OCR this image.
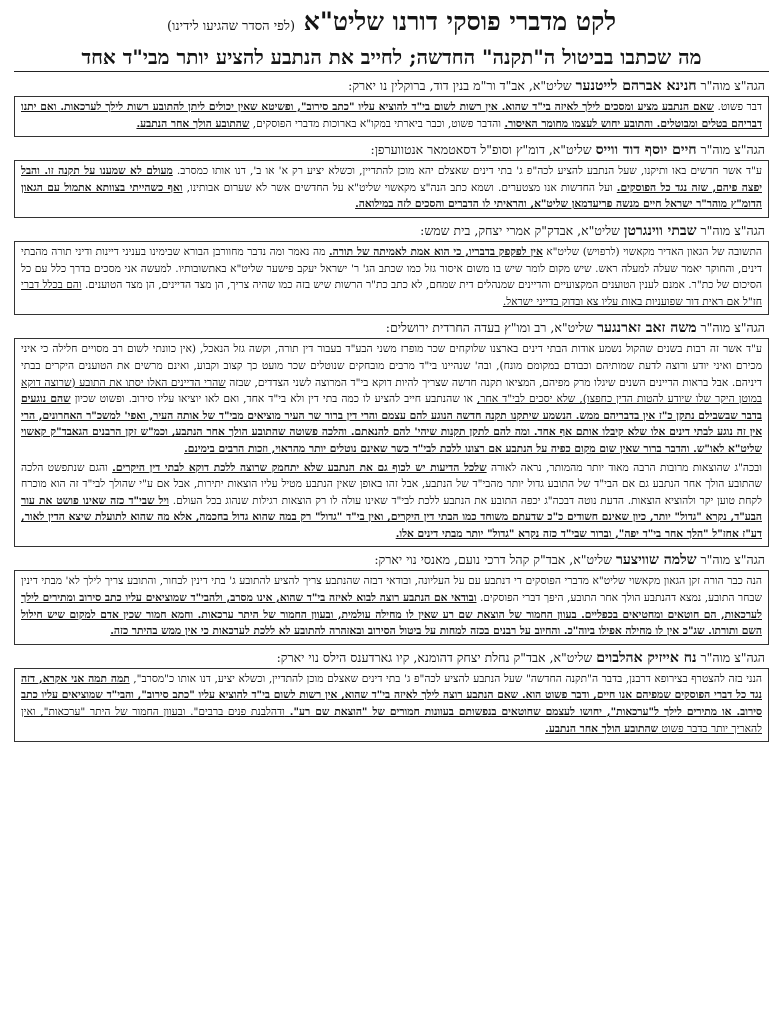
לקט מדברי פוסקי דורנו שליט"א (לפי הסדר שהגיעו לידינו)
מה שכתבו בביטול ה"תקנה" החדשה; לחייב את הנתבע להציע יותר מבי"ד אחד

הגה"צ מוה"ר חנינא אברהם לייטנער שליט"א, אב"ד ור"מ בנין דוד, ברוקלין נו יארק:

דבר פשוט. שאם הנתבע מציע ומסכים לילך לאיזה בי"ד שהוא. אין רשות לשום בי"ד להוציא עליו "כתב סירוב", ופשיטא שאין יכולים ליתן להתובע רשות לילך לערכאות. ואם יתנו דבריהם בטלים ומבוטלים. והתובע יחוש לעצמו מחומר האיסור. והדבר פשוט, וכבר ביארתי במקו"א בארוכות מדברי הפוסקים, שהתובע הולך אחר הנתבע.

הגה"צ מוה"ר חיים יוסף דוד ווייס שליט"א, דומ"ץ וסופ"ל דסאטמאר אנטווערפן:

ע"ד אשר חדשים באו ותיקנו, שעל הנתבע להציע לכה"פ ג' בתי דינים שאצלם יהא מוכן להתדיין, וכשלא יציע רק א' או ב', דנו אותו כמסרב. מעולם לא שמענו על תקנה זו. והבל יפצה פיהם, שזה נגד כל הפוסקים. ועל החדשות אנו מצטערים. ושמא כתב הנה"צ מקאשוי שליט"א על החדשים אשר לא שערום אבותינו, ואף כשהייתי בצוותא אתמול עם הגאון הדומ"ץ מוהר"ר ישראל חיים מנשה פריעדמאן שליט"א, והראיתי לו הדברים והסכים לזה במילואה.

הגה"צ מוה"ר שבתי ווינגרטן שליט"א, אבדק"ק אמרי יצחק, בית שמש:

התשובה של הגאון האדיר מקאשוי (לרפויש) שליט"א אין לפקפק בדבריו, כי הוא אמת לאמיתה של תורה. מה נאמר ומה נדבר מחוורבן הבורא שבימינו בעניני דיינות ודיני תורה מהבתי דינים, והחוקר יאמר שעלה למעלה ראש. שיש מקום לומר שיש בו משום איסור גזל כמו שכתב הג' ר' ישראל יעקב פישער שליט"א באתשובותיו. למעשה אני מסכים בדרך כלל עם כל הסיכום של כת"ר. אמנם לענין הטוענים המקצועיים והדיינים שמנהלים דית שמחם, לא כתב כת"ר הרשות שיש בזה כמו שהיה צריך, הן מצד הדיינים, הן מצד הטוענים. והם בכלל דברי חז"ל אם ראית דור שפועניות באות עליו צא ובדוק בדייני ישראל.

הגה"צ מוה"ר משה זאב זארנגער שליט"א, רב ומו"ץ בעדה החרדית ירושלים:

ע"ד אשר זה רבות בשנים שהקול נשמע אודות הבתי דינים בארצנו שלוקחים שכר מופרז משני הבע"ד בעבור דין תורה, וקשה גזל הנאכל, (אין כוונתי לשום רב מסויים חלילה כי איני מכירם ואיני יודע ורוצה לדעת שמותיהם וכבודם במקומם מונח), ובה' שנהיינו בי"ד מרבים מובחקים שנוטלים שכר מועט כך קצוב וקבוע, ואינם מרשים את הטוענים היקרים בבתי דיניהם. אבל בראות הדיינים השנים שיגלו מרק מפיהם, המציאו תקנה חדשה שצריך להיות דוקא בי"ד המרוצה לשני הצדדים, שבזה שהרי הדיינים האלו יסתו את התובע (שרוצה דוקא במוטן היקר שלו שיודע להטות הדין כחפצו), שלא יסכים לבי"ד אחר, או שהנתבע חייב להציע לו כמה בתי דין ולא בי"ד אחד, ואם לאו יוציאו עליו סירוב. ופשוט שכיון שהם נוגעים בדבר שבשבילם נתקן כ"ז אין בדבריהם ממש. הנשמע שיתקנו תקנה חדשה הנוגע להם עצמם והרי דין ברור שר העיר מוציאים מבי"ד של אותה העיר, ואפי' למשכ"ר האחרונים, הרי אין זה נוגע לבתי דינים אלו שלא קיבלו אותם אף אחד. ומה להם לתקן תקנות שיהי' להם להנאתם. והלכה פשוטה שהתובע הולך אחר הנתבע, וכמ"ש זקן הרבנים הגאבד"ק קאשוי שליט"א לאו"ש. והדבר ברור שאין שום מקום כפיה על הנתבע אם רצונו ללכת לבי"ד כשר שאינם נוטלים יותר מהראוי, וזכות הרבים בימינם.

ובכה"ג שהוצאות מרובות הרבה מאוד יותר מהמותר, נראה לאורה שלכל הדיעות יש לכוף גם את הנתבע שלא יתחמק שרוצה ללכת דוקא לבתי דין היקרים. והגם שנתפשט הלכה שהתובע הולך אחר הנתבע גם אם הבי"ד של התובע גדול יותר מהבי"ד של הנתבע, אבל זהו באופן שאין הנתבע מטיל עליו הוצאות יתירות, אבל אם ע"י שהולך לבי"ד זה הוא מוכרח לקחת טוען יקר ולהוציא הוצאות. הדעת נוטה דבכה"ג יכפה התובע את הנתבע ללכת לבי"ד שאינו עולה לו רק הוצאות רגילות שנהוג בכל העולם. ויל שבי"ד כזה שאינו פושט את עור הבע"ד, נקרא "גדול" יותר, כיון שאינם חשודים כ"כ שדעתם משוחד כמו הבתי דין היקרים, ואין בי"ד "גדול" רק במה שהוא גדול בחכמה, אלא מה שהוא לתועלת שיצא הדין לאור, דע"ז אחז"ל "הלך אחר בי"ד יפה", וברור שבי"ד כזה נקרא "גדול" יותר מבתי דינים אלו.

הגה"צ מוה"ר שלמה שוויצער שליט"א, אבד"ק קהל דרכי נועם, מאנסי נוי יארק:

הנה כבר הורה זקן הגאון מקאשוי שליט"א מדברי הפוסקים די דנתבע עם על העליונה, ובודאי דבזה שהנתבע צריך להציע להתובע ג' בתי דינין לבחור, והתובע צריך לילך לא' מבתי דינין שבחר התובע, נמצא דהנתבע הולך אחר התובע, היפך דברי הפוסקים. ובודאי אם הנתבע רוצה לבוא לאיזה בי"ד שהוא, אינו מסרב, ולהבי"ד שמוציאים עליו כתב סירוב ומתירים לילך לערכאות, הם חוטאים ומחטיאים בכפליים. בעוון החמור של הוצאת שם רע שאין לו מחילה עולמית, ובעוון החמור של היתר ערכאות. וחמא חמור שכין אדם למקום שיש חילול השם ותורתו. שג"כ אין לו מחילה אפילו ביוה"כ. והחיוב על רבנים בכזה למחות על ביטול הסירוב ובאזהרה להתובע לא ללכת לערכאות כי אין ממש בהיתר כזה.

הגה"צ מוה"ר נח אייזיק אהלבוים שליט"א, אבד"ק נחלת יצחק דהומנא, קיו גארדענס הילס נוי יארק:

הנני בזה להצטרף בצירופא דרבנן, בדבר ה"תקנה החדשה" שעל הנתבע להציע לכה"פ ג' בתי דינים שאצלם מוכן להתדיין, וכשלא יציע, דנו אותו כ"מסרב", תמה תמה אני אקרא, דזה נגד כל דברי הפוסקים שמפיהם אנו חיים, ודבר פשוט הוא. שאם הנתבע רוצה לילך לאיזה בי"ד שהוא, אין רשות לשום בי"ד להוציא עליו "כתב סירוב", והבי"ד שמוציאים עליו כתב סירוב. או מתירים לילך ל"ערכאות", יחושו לעצמם שחוטאים בנפשותם בעוונות חמורים של "הוצאת שם רע". ודהלבנת פנים ברבים". ובעוון החמור של היתר "ערכאות", ואין להאריך יותר בדבר פשוט שהתובע הולך אחר הנתבע.
